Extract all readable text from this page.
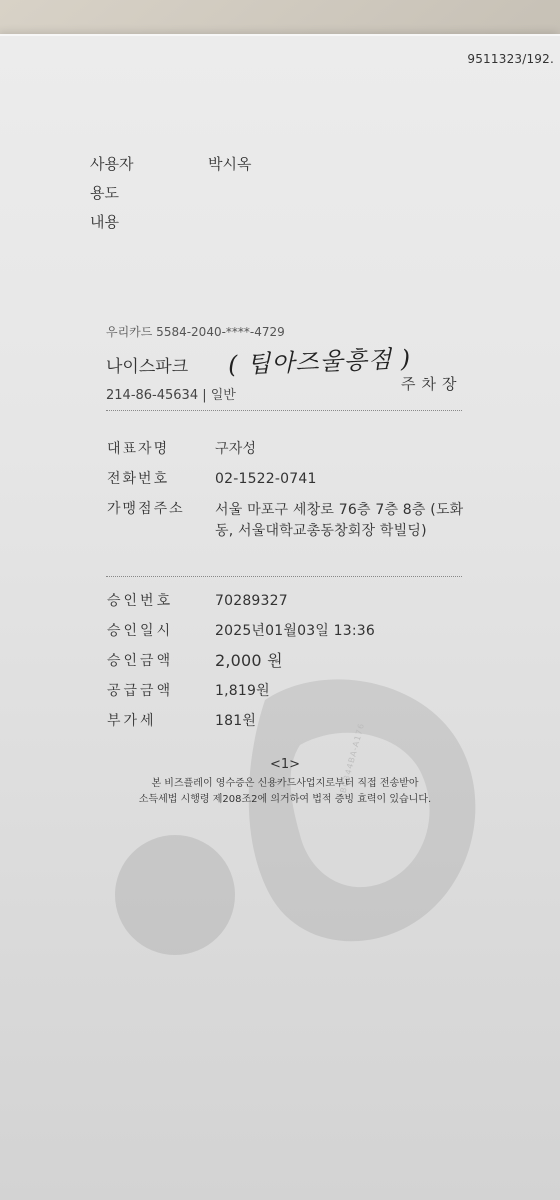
ABC344BA-A176
9511323/192.
사용자	박시옥
용도
내용
우리카드 5584-2040-****-4729
나이스파크 ( 팁아즈울흥점 )
214-86-45634 | 일반
주차장
대표자명	구자성
전화번호	02-1522-0741
가맹점주소	서울 마포구 세창로 76층 7층 8층 (도화동, 서울대학교총동창회장 학빌딩)
승인번호	70289327
승인일시	2025년01월03일 13:36
승인금액	2,000 원
공급금액	1,819원
부가세	181원
<1>
본 비즈플레이 영수증은 신용카드사업지로부터 직접 전송받아
소득세법 시행령 제208조2에 의거하여 법적 증빙 효력이 있습니다.
